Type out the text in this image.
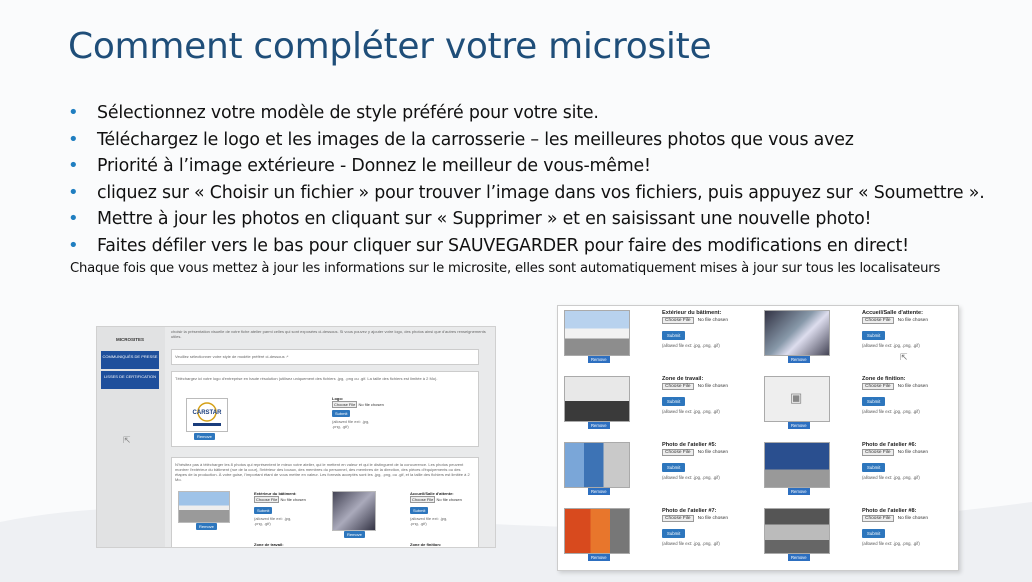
Comment compléter votre microsite
• Sélectionnez votre modèle de style préféré pour votre site.
• Téléchargez le logo et les images de la carrosserie – les meilleures photos que vous avez
• Priorité à l’image extérieure - Donnez le meilleur de vous-même!
• cliquez sur « Choisir un fichier » pour trouver l’image dans vos fichiers, puis appuyez sur « Soumettre ».
• Mettre à jour les photos en cliquant sur « Supprimer » et en saisissant une nouvelle photo!
• Faites défiler vers le bas pour cliquer sur SAUVEGARDER pour faire des modifications en direct!
Chaque fois que vous mettez à jour les informations sur le microsite, elles sont automatiquement mises à jour sur tous les localisateurs
MICROSITES
COMMUNIQUÉS DE PRESSE
LISSES DE CERTIFICATION
⇱
choisir la présentation visuelle de votre fiche atelier parmi celles qui sont exposées ci-dessous. Si vous pouvez y ajouter votre logo, des photos ainsi que d'autres renseignements utiles.
Veuillez sélectionner votre style de modèle préféré ci-dessous :*
Téléchargez ici votre logo d'entreprise en haute résolution (utilisez uniquement des fichiers .jpg, .png ou .gif. La taille des fichiers est limitée à 2 Mo).
CARSTAR
Remove
Logo:
Choose File No file chosen
Submit
(allowed file ext: .jpg, .png, .gif)
N'hésitez pas à télécharger les 8 photos qui représentent le mieux votre atelier, qui le mettent en valeur et qui le distinguent de la concurrence. Les photos peuvent montrer l'extérieur du bâtiment (rue de la cour), l'intérieur des locaux, des membres du personnel, des membres de la direction, des pièces d'équipements ou des étapes de la production. À votre guise, l'important étant de vous mettre en valeur. Les formats acceptés sont les .jpg, .png, ou .gif, et la taille des fichiers est limitée à 2 Mo.
Remove
Extérieur du bâtiment:
Choose File No file chosen
Submit
(allowed file ext: .jpg, .png, .gif)
Remove
Accueil/Salle d'attente:
Choose File No file chosen
Submit
(allowed file ext: .jpg, .png, .gif)
Zone de travail:	Zone de finition:
Remove
Extérieur du bâtiment:
Choose File No file chosen
Submit
(allowed file ext: .jpg, .png, .gif)
Remove
Accueil/Salle d'attente:
Choose File No file chosen
Submit
(allowed file ext: .jpg, .png, .gif)
⇱
Remove
Zone de travail:
Choose File No file chosen
Submit
(allowed file ext: .jpg, .png, .gif)
Remove
Zone de finition:
Choose File No file chosen
Submit
(allowed file ext: .jpg, .png, .gif)
▣
Remove
Photo de l'atelier #5:
Choose File No file chosen
Submit
(allowed file ext: .jpg, .png, .gif)
Remove
Photo de l'atelier #6:
Choose File No file chosen
Submit
(allowed file ext: .jpg, .png, .gif)
Remove
Photo de l'atelier #7:
Choose File No file chosen
Submit
(allowed file ext: .jpg, .png, .gif)
Remove
Photo de l'atelier #8:
Choose File No file chosen
Submit
(allowed file ext: .jpg, .png, .gif)
